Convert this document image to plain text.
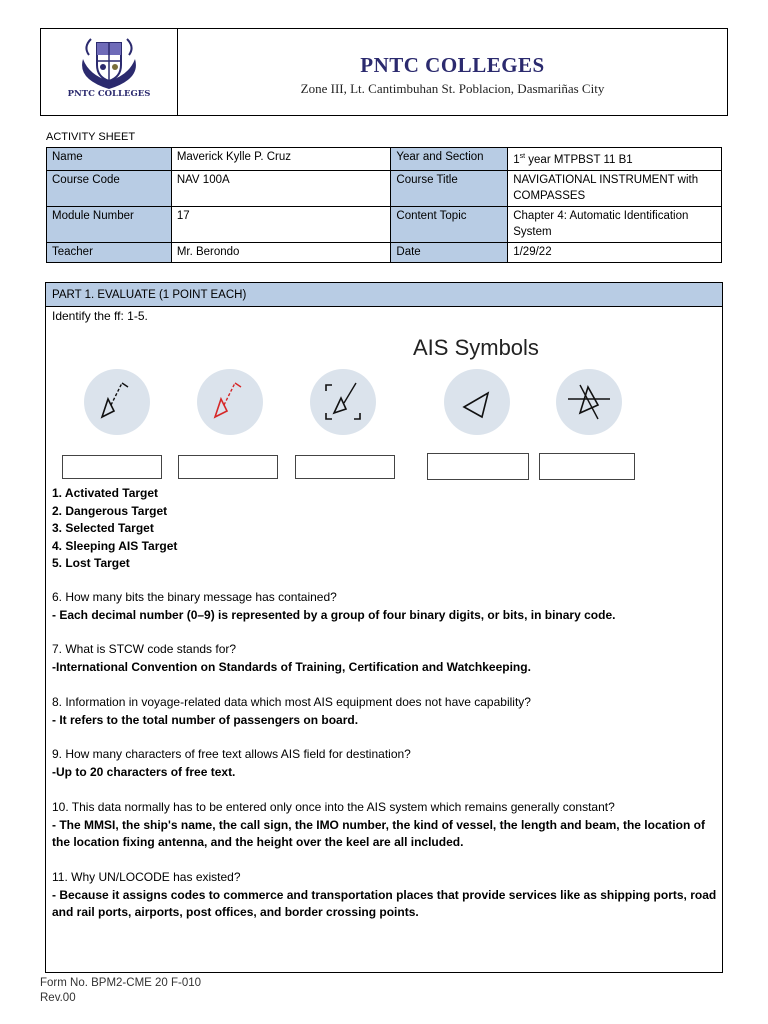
PNTC COLLEGES
PNTC COLLEGES
Zone III, Lt. Cantimbuhan St. Poblacion, Dasmariñas City
ACTIVITY SHEET
Name	Maverick Kylle P. Cruz	Year and Section	1st year MTPBST 11 B1
Course Code	NAV 100A	Course Title	NAVIGATIONAL INSTRUMENT with COMPASSES
Module Number	17	Content Topic	Chapter 4: Automatic Identification System
Teacher	Mr. Berondo	Date	1/29/22
PART 1. EVALUATE (1 POINT EACH)
Identify the ff: 1-5.
AIS Symbols
1. Activated Target
2. Dangerous Target
3. Selected Target
4. Sleeping AIS Target
5. Lost Target
6. How many bits the binary message has contained?
- Each decimal number (0–9) is represented by a group of four binary digits, or bits, in binary code.
7. What is STCW code stands for?
-International Convention on Standards of Training, Certification and Watchkeeping.
8. Information in voyage-related data which most AIS equipment does not have capability?
- It refers to the total number of passengers on board.
9. How many characters of free text allows AIS field for destination?
-Up to 20 characters of free text.
10. This data normally has to be entered only once into the AIS system which remains generally constant?
- The MMSI, the ship's name, the call sign, the IMO number, the kind of vessel, the length and beam, the location of the location fixing antenna, and the height over the keel are all included.
11. Why UN/LOCODE has existed?
- Because it assigns codes to commerce and transportation places that provide services like as shipping ports, road and rail ports, airports, post offices, and border crossing points.
Form No. BPM2-CME 20 F-010
Rev.00
